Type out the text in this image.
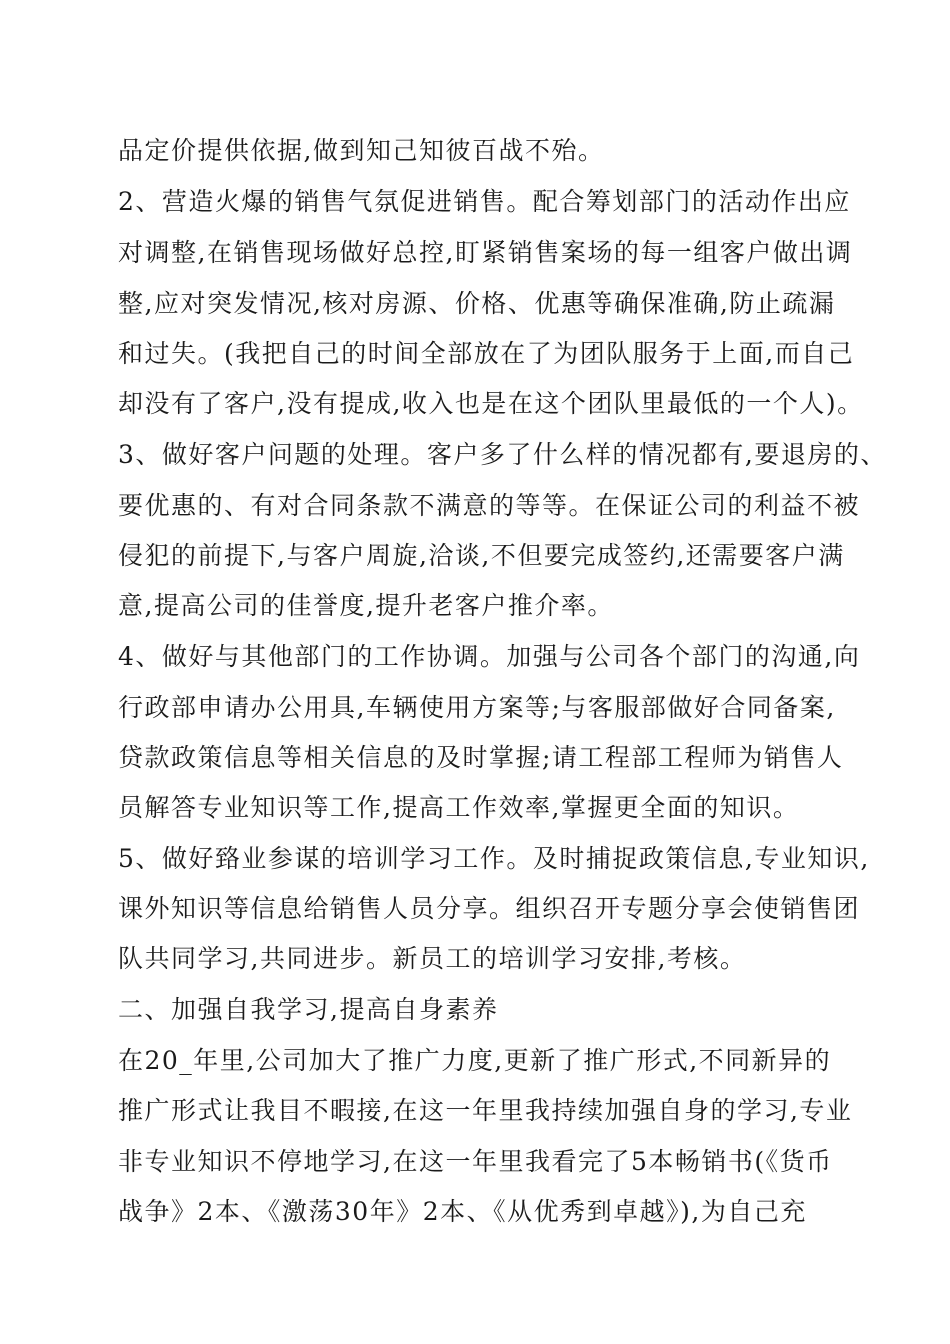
品定价提供依据,做到知己知彼百战不殆。
2、营造火爆的销售气氛促进销售。配合筹划部门的活动作出应
对调整,在销售现场做好总控,盯紧销售案场的每一组客户做出调
整,应对突发情况,核对房源、价格、优惠等确保准确,防止疏漏
和过失。(我把自己的时间全部放在了为团队服务于上面,而自己
却没有了客户,没有提成,收入也是在这个团队里最低的一个人)。
3、做好客户问题的处理。客户多了什么样的情况都有,要退房的、
要优惠的、有对合同条款不满意的等等。在保证公司的利益不被
侵犯的前提下,与客户周旋,洽谈,不但要完成签约,还需要客户满
意,提高公司的佳誉度,提升老客户推介率。
4、做好与其他部门的工作协调。加强与公司各个部门的沟通,向
行政部申请办公用具,车辆使用方案等;与客服部做好合同备案,
贷款政策信息等相关信息的及时掌握;请工程部工程师为销售人
员解答专业知识等工作,提高工作效率,掌握更全面的知识。
5、做好臵业参谋的培训学习工作。及时捕捉政策信息,专业知识,
课外知识等信息给销售人员分享。组织召开专题分享会使销售团
队共同学习,共同进步。新员工的培训学习安排,考核。
二、加强自我学习,提高自身素养
在20_年里,公司加大了推广力度,更新了推广形式,不同新异的
推广形式让我目不暇接,在这一年里我持续加强自身的学习,专业
非专业知识不停地学习,在这一年里我看完了5本畅销书(《货币
战争》2本、《激荡30年》2本、《从优秀到卓越》),为自己充
